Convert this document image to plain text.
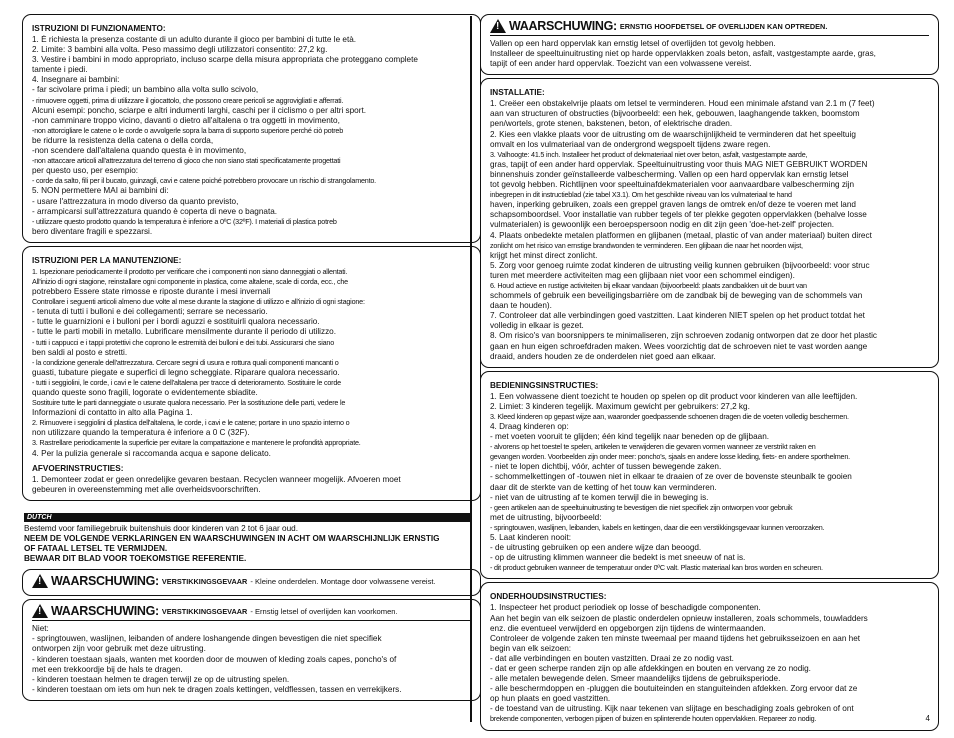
ISTRUZIONI DI FUNZIONAMENTO:
1. È richiesta la presenza costante di un adulto durante il gioco per bambini di tutte le età.
2. Limite: 3 bambini alla volta. Peso massimo degli utilizzatori consentito: 27,2 kg.
3. Vestire i bambini in modo appropriato, incluso scarpe della misura appropriata che proteggano complete
tamente i piedi.
4. Insegnare ai bambini:
- far scivolare prima i piedi; un bambino alla volta sullo scivolo,
- rimuovere oggetti, prima di utilizzare il giocattolo, che possono creare pericoli se aggrovigliati e afferrati.
Alcuni esempi: poncho, sciarpe e altri indumenti larghi, caschi per il ciclismo o per altri sport.
-non camminare troppo vicino, davanti o dietro all'altalena o tra oggetti in movimento,
-non attorcigliare le catene o le corde o avvolgerle sopra la barra di supporto superiore perché ciò potreb
be ridurre la resistenza della catena o della corda,
-non scendere dall'altalena quando questa è in movimento,
-non attaccare articoli all'attrezzatura del terreno di gioco che non siano stati specificatamente progettati
per questo uso, per esempio:
- corde da salto, fili per il bucato, guinzagli, cavi e catene poiché potrebbero provocare un rischio di strangolamento.
5. NON permettere MAI ai bambini di:
- usare l'attrezzatura in modo diverso da quanto previsto,
- arrampicarsi sull'attrezzatura quando è coperta di neve o bagnata.
- utilizzare questo prodotto quando la temperatura è inferiore a 0ºC (32ºF). I materiali di plastica potreb
bero diventare fragili e spezzarsi.
ISTRUZIONI PER LA MANUTENZIONE:
1. Ispezionare periodicamente il prodotto per verificare che i componenti non siano danneggiati o allentati.
All'inizio di ogni stagione, reinstallare ogni componente in plastica, come altalene, scale di corda, ecc., che
potrebbero Essere state rimosse e riposte durante i mesi invernali
Controllare i seguenti articoli almeno due volte al mese durante la stagione di utilizzo e all'inizio di ogni stagione:
- tenuta di tutti i bulloni e dei collegamenti; serrare se necessario.
- tutte le guarnizioni e i bulloni per i bordi aguzzi e sostituirli qualora necessario.
- tutte le parti mobili in metallo. Lubrificare mensilmente durante il periodo di utilizzo.
- tutti i cappucci e i tappi protettivi che coprono le estremità dei bulloni e dei tubi. Assicurarsi che siano
ben saldi al posto e stretti.
- la condizione generale dell'attrezzatura. Cercare segni di usura e rottura quali componenti mancanti o
guasti, tubature piegate e superfici di legno scheggiate. Riparare qualora necessario.
- tutti i seggiolini, le corde, i cavi e le catene dell'altalena per tracce di deterioramento. Sostituire le corde
quando queste sono fragili, logorate o evidentemente sbiadite.
Sostituire tutte le parti danneggiate o usurate qualora necessario. Per la sostituzione delle parti, vedere le
Informazioni di contatto in alto alla Pagina 1.
2. Rimuovere i seggiolini di plastica dell'altalena, le corde, i cavi e le catene; portare in uno spazio interno o
non utilizzare quando la temperatura è inferiore a 0 C (32F).
3. Rastrellare periodicamente la superficie per evitare la compattazione e mantenere le profondità appropriate.
4. Per la pulizia generale si raccomanda acqua e sapone delicato.
AFVOERINSTRUCTIES:
1. Demonteer zodat er geen onredelijke gevaren bestaan. Recyclen wanneer mogelijk. Afvoeren moet
gebeuren in overeenstemming met alle overheidsvoorschriften.
DUTCH
Bestemd voor familiegebruik buitenshuis door kinderen van 2 tot 6 jaar oud.
NEEM DE VOLGENDE VERKLARINGEN EN WAARSCHUWINGEN IN ACHT OM WAARSCHIJNLIJK ERNSTIG
OF FATAAL LETSEL TE VERMIJDEN.
BEWAAR DIT BLAD VOOR TOEKOMSTIGE REFERENTIE.
! WAARSCHUWING: VERSTIKKINGSGEVAAR - Kleine onderdelen. Montage door volwassene vereist.
! WAARSCHUWING: VERSTIKKINGSGEVAAR - Ernstig letsel of overlijden kan voorkomen.
Niet:
- springtouwen, waslijnen, leibanden of andere loshangende dingen bevestigen die niet specifiek
ontworpen zijn voor gebruik met deze uitrusting.
- kinderen toestaan sjaals, wanten met koorden door de mouwen of kleding zoals capes, poncho's of
met een trekkoordje bij de hals te dragen.
- kinderen toestaan helmen te dragen terwijl ze op de uitrusting spelen.
- kinderen toestaan om iets om hun nek te dragen zoals kettingen, veldflessen, tassen en verrekijkers.
! WAARSCHUWING: ERNSTIG HOOFDETSEL OF OVERLIJDEN KAN OPTREDEN.
Vallen op een hard oppervlak kan ernstig letsel of overlijden tot gevolg hebben.
Installeer de speeltuinuitrusting niet op harde oppervlakken zoals beton, asfalt, vastgestampte aarde, gras,
tapijt of een ander hard oppervlak. Toezicht van een volwassene vereist.
INSTALLATIE:
1. Creëer een obstakelvrije plaats om letsel te verminderen. Houd een minimale afstand van 2.1 m (7 feet)
aan van structuren of obstructies (bijvoorbeeld: een hek, gebouwen, laaghangende takken, boomstom
pen/wortels, grote stenen, bakstenen, beton, of elektrische draden.
2. Kies een vlakke plaats voor de uitrusting om de waarschijnlijkheid te verminderen dat het speeltuig
omvalt en los vulmateriaal van de ondergrond wegspoelt tijdens zware regen.
3. Valhoogte: 41.5 inch. Installeer het product of dekmateriaal niet over beton, asfalt, vastgestampte aarde,
gras, tapijt of een ander hard oppervlak. Speeltuinuitrusting voor thuis MAG NIET GEBRUIKT WORDEN
binnenshuis zonder geïnstalleerde valbescherming. Vallen op een hard oppervlak kan ernstig letsel
tot gevolg hebben. Richtlijnen voor speeltuinafdekmaterialen voor aanvaardbare valbescherming zijn
inbegrepen in dit instructieblad (zie tabel X3.1). Om het geschikte niveau van los vulmateriaal te hand
haven, inperking gebruiken, zoals een greppel graven langs de omtrek en/of deze te voeren met land
schapsomboordsel. Voor installatie van rubber tegels of ter plekke gegoten oppervlakken (behalve losse
vulmaterialen) is gewoonlijk een beroepspersoon nodig en dit zijn geen 'doe-het-zelf' projecten.
4. Plaats onbedekte metalen platformen en glijbanen (metaal, plastic of van ander materiaal) buiten direct
zonlicht om het risico van ernstige brandwonden te verminderen. Een glijbaan die naar het noorden wijst,
krijgt het minst direct zonlicht.
5. Zorg voor genoeg ruimte zodat kinderen de uitrusting veilig kunnen gebruiken (bijvoorbeeld: voor struc
turen met meerdere activiteiten mag een glijbaan niet voor een schommel eindigen).
6. Houd actieve en rustige activiteiten bij elkaar vandaan (bijvoorbeeld: plaats zandbakken uit de buurt van
schommels of gebruik een beveiligingsbarrière om de zandbak bij de beweging van de schommels van
daan te houden).
7. Controleer dat alle verbindingen goed vastzitten. Laat kinderen NIET spelen op het product totdat het
volledig in elkaar is gezet.
8. Om risico's van boorsnippers te minimaliseren, zijn schroeven zodanig ontworpen dat ze door het plastic
gaan en hun eigen schroefdraden maken. Wees voorzichtig dat de schroeven niet te vast worden aange
draaid, anders houden ze de onderdelen niet goed aan elkaar.
BEDIENINGSINSTRUCTIES:
1. Een volwassene dient toezicht te houden op spelen op dit product voor kinderen van alle leeftijden.
2. Limiet: 3 kinderen tegelijk. Maximum gewicht per gebruikers: 27,2 kg.
3. Kleed kinderen op gepast wijze aan, waaronder goedpassende schoenen dragen die de voeten volledig beschermen.
4. Draag kinderen op:
- met voeten vooruit te glijden; één kind tegelijk naar beneden op de glijbaan.
- alvorens op het toestel te spelen, artikelen te verwijderen die gevaren vormen wanneer ze verstrikt raken en
gevangen worden. Voorbeelden zijn onder meer: poncho's, sjaals en andere losse kleding, fiets- en andere sporthelmen.
- niet te lopen dichtbij, vóór, achter of tussen bewegende zaken.
- schommelkettingen of -touwen niet in elkaar te draaien of ze over de bovenste steunbalk te gooien
daar dit de sterkte van de ketting of het touw kan verminderen.
- niet van de uitrusting af te komen terwijl die in beweging is.
- geen artikelen aan de speeltuinuitrusting te bevestigen die niet specifiek zijn ontworpen voor gebruik
met de uitrusting, bijvoorbeeld:
- springtouwen, waslijnen, leibanden, kabels en kettingen, daar die een verstikkingsgevaar kunnen veroorzaken.
5. Laat kinderen nooit:
- de uitrusting gebruiken op een andere wijze dan beoogd.
- op de uitrusting klimmen wanneer die bedekt is met sneeuw of nat is.
- dit product gebruiken wanneer de temperatuur onder 0ºC valt. Plastic materiaal kan bros worden en scheuren.
ONDERHOUDSINSTRUCTIES:
1. Inspecteer het product periodiek op losse of beschadigde componenten.
Aan het begin van elk seizoen de plastic onderdelen opnieuw installeren, zoals schommels, touwladders
enz. die eventueel verwijderd en opgeborgen zijn tijdens de wintermaanden.
Controleer de volgende zaken ten minste tweemaal per maand tijdens het gebruiksseizoen en aan het
begin van elk seizoen:
- dat alle verbindingen en bouten vastzitten. Draai ze zo nodig vast.
- dat er geen scherpe randen zijn op alle afdekkingen en bouten en vervang ze zo nodig.
- alle metalen bewegende delen. Smeer maandelijks tijdens de gebruiksperiode.
- alle beschermdoppen en -pluggen die boutuiteinden en stanguiteinden afdekken. Zorg ervoor dat ze
op hun plaats en goed vastzitten.
- de toestand van de uitrusting. Kijk naar tekenen van slijtage en beschadiging zoals gebroken of ont
brekende componenten, verbogen pijpen of buizen en splinterende houten oppervlakken. Repareer zo nodig.	4
